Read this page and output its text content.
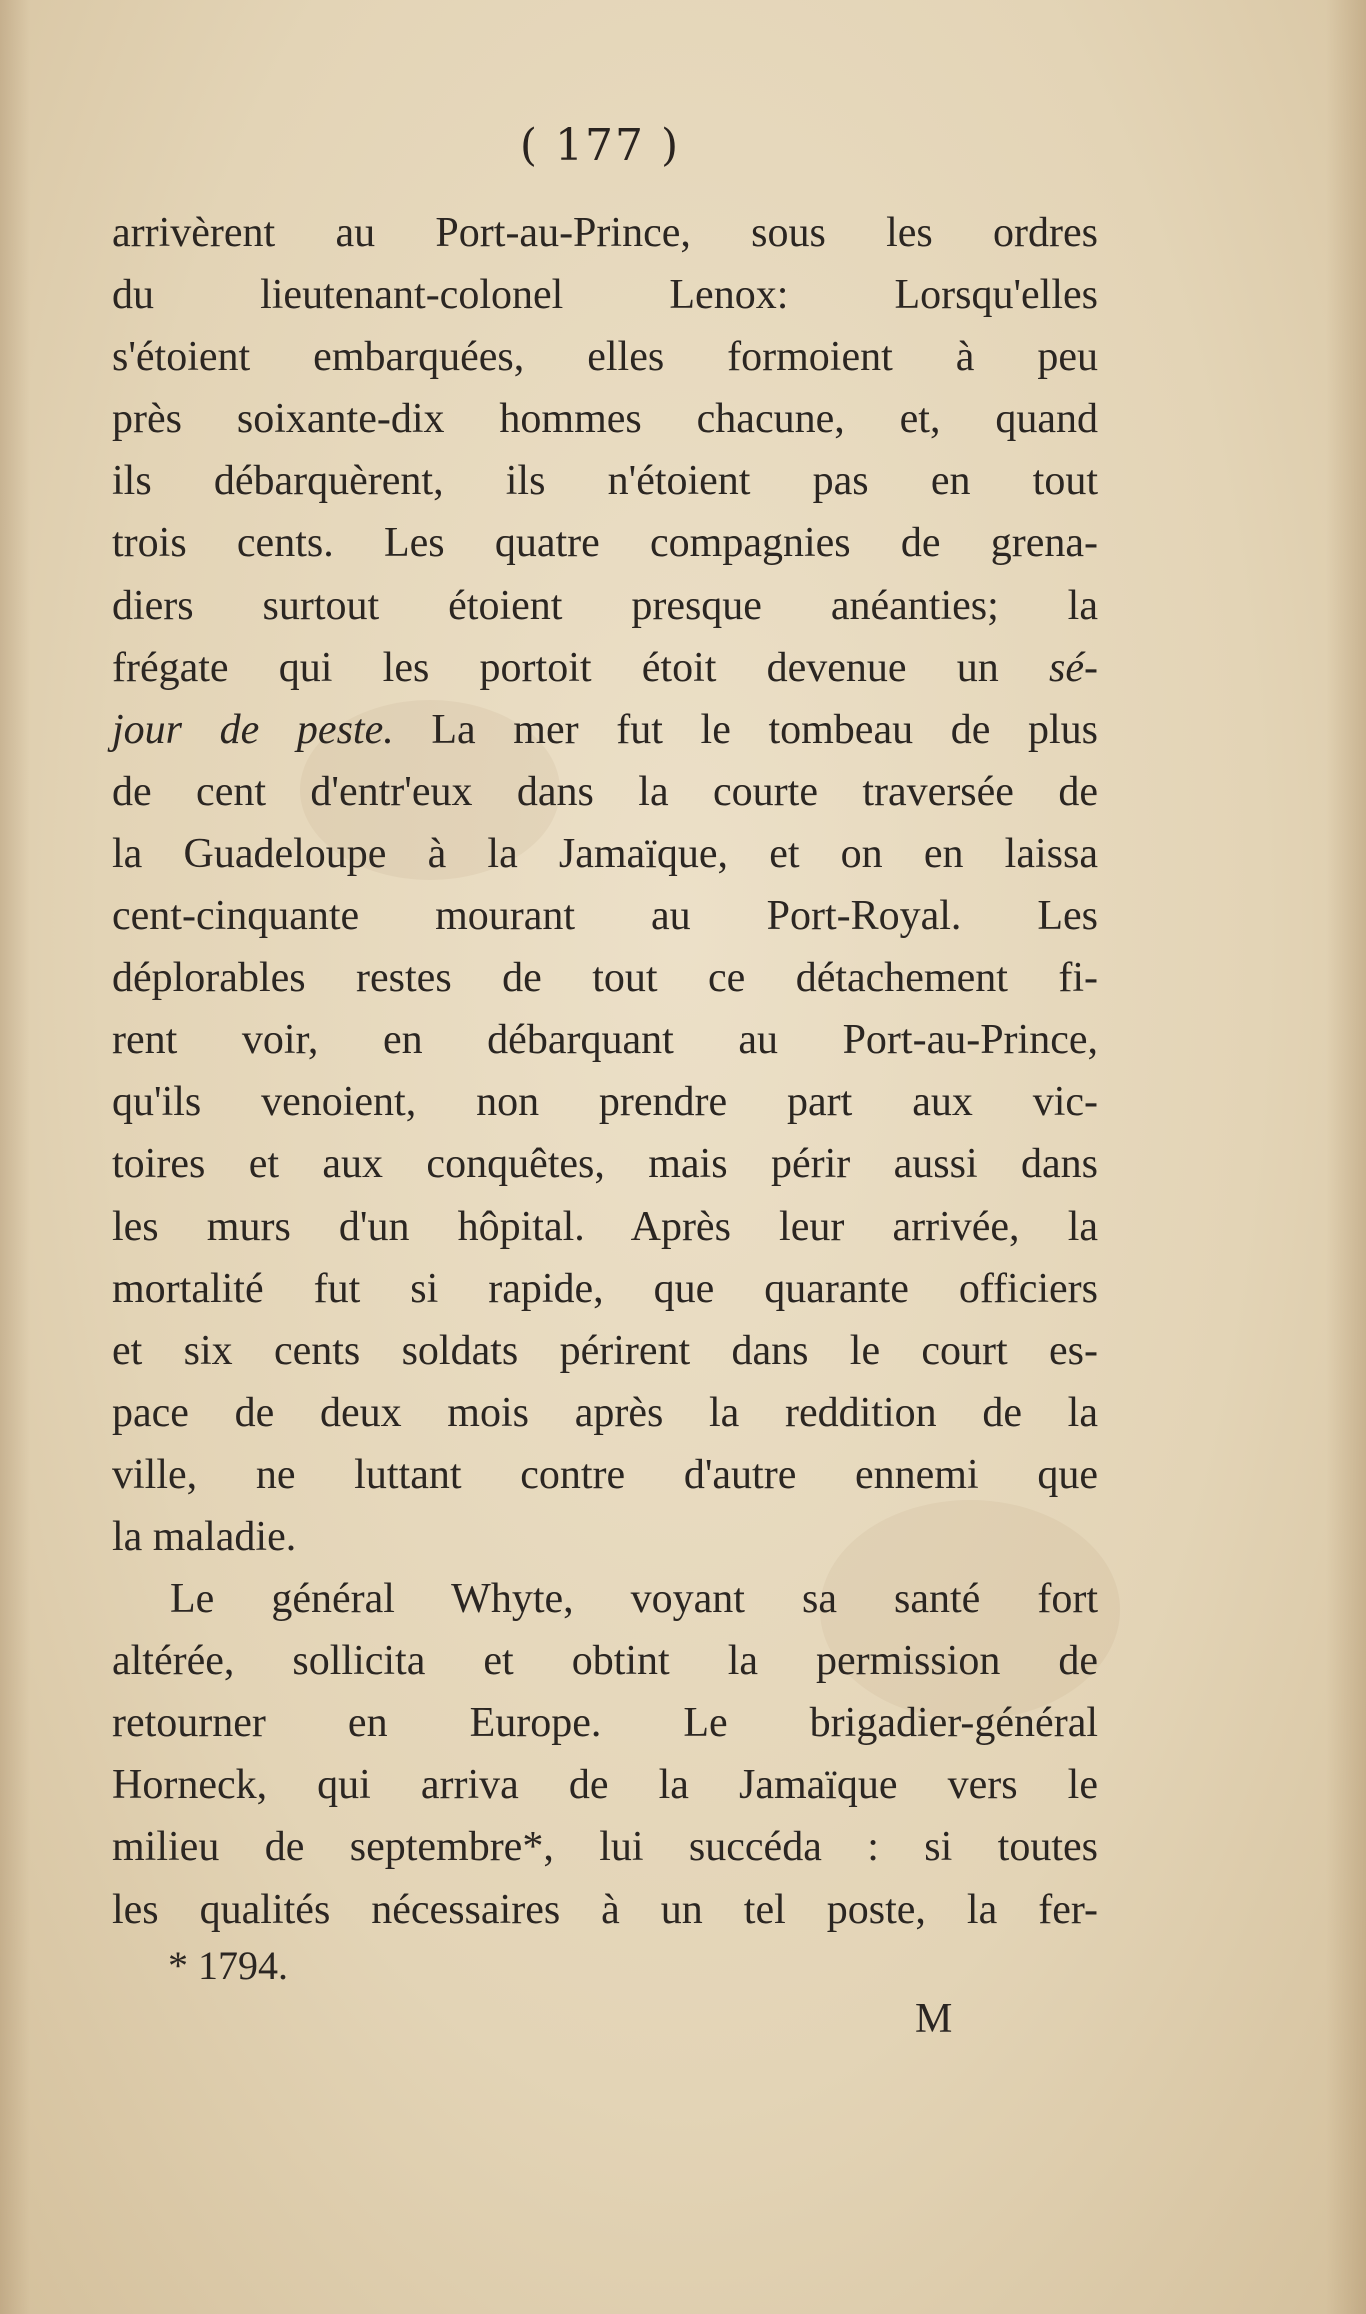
( 177 )
arrivèrent au Port-au-Prince, sous les ordres
du lieutenant-colonel Lenox: Lorsqu'elles
s'étoient embarquées, elles formoient à peu
près soixante-dix hommes chacune, et, quand
ils débarquèrent, ils n'étoient pas en tout
trois cents. Les quatre compagnies de grena-
diers surtout étoient presque anéanties; la
frégate qui les portoit étoit devenue un sé-
jour de peste. La mer fut le tombeau de plus
de cent d'entr'eux dans la courte traversée de
la Guadeloupe à la Jamaïque, et on en laissa
cent-cinquante mourant au Port-Royal. Les
déplorables restes de tout ce détachement fi-
rent voir, en débarquant au Port-au-Prince,
qu'ils venoient, non prendre part aux vic-
toires et aux conquêtes, mais périr aussi dans
les murs d'un hôpital. Après leur arrivée, la
mortalité fut si rapide, que quarante officiers
et six cents soldats périrent dans le court es-
pace de deux mois après la reddition de la
ville, ne luttant contre d'autre ennemi que
la maladie.
Le général Whyte, voyant sa santé fort
altérée, sollicita et obtint la permission de
retourner en Europe. Le brigadier-général
Horneck, qui arriva de la Jamaïque vers le
milieu de septembre*, lui succéda : si toutes
les qualités nécessaires à un tel poste, la fer-
* 1794.
M
